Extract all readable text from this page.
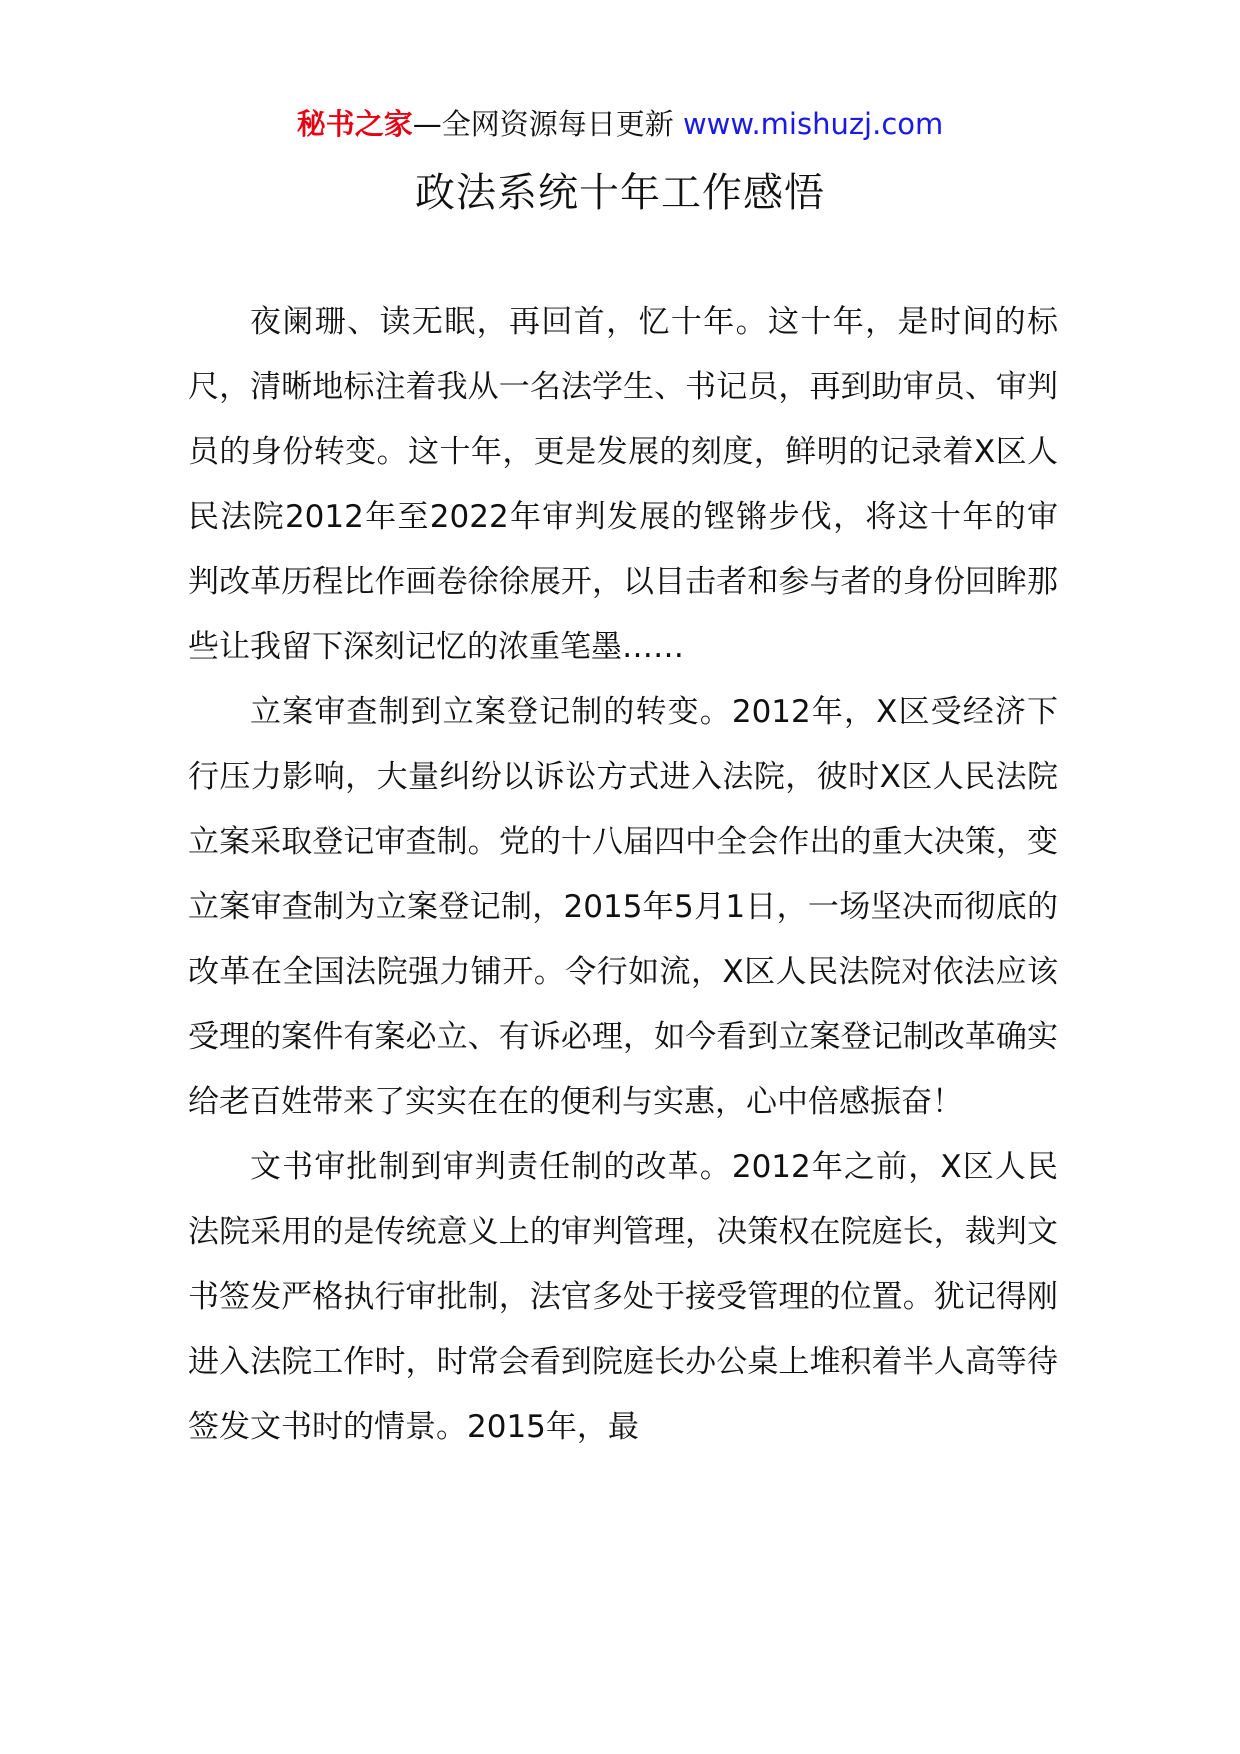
秘书之家—全网资源每日更新 www.mishuzj.com
政法系统十年工作感悟

夜阑珊、读无眠，再回首，忆十年。这十年，是时间的标尺，清晰地标注着我从一名法学生、书记员，再到助审员、审判员的身份转变。这十年，更是发展的刻度，鲜明的记录着X区人民法院2012年至2022年审判发展的铿锵步伐，将这十年的审判改革历程比作画卷徐徐展开，以目击者和参与者的身份回眸那些让我留下深刻记忆的浓重笔墨……

立案审查制到立案登记制的转变。2012年，X区受经济下行压力影响，大量纠纷以诉讼方式进入法院，彼时X区人民法院立案采取登记审查制。党的十八届四中全会作出的重大决策，变立案审查制为立案登记制，2015年5月1日，一场坚决而彻底的改革在全国法院强力铺开。令行如流，X区人民法院对依法应该受理的案件有案必立、有诉必理，如今看到立案登记制改革确实给老百姓带来了实实在在的便利与实惠，心中倍感振奋！

文书审批制到审判责任制的改革。2012年之前，X区人民法院采用的是传统意义上的审判管理，决策权在院庭长，裁判文书签发严格执行审批制，法官多处于接受管理的位置。犹记得刚进入法院工作时，时常会看到院庭长办公桌上堆积着半人高等待签发文书时的情景。2015年，最
